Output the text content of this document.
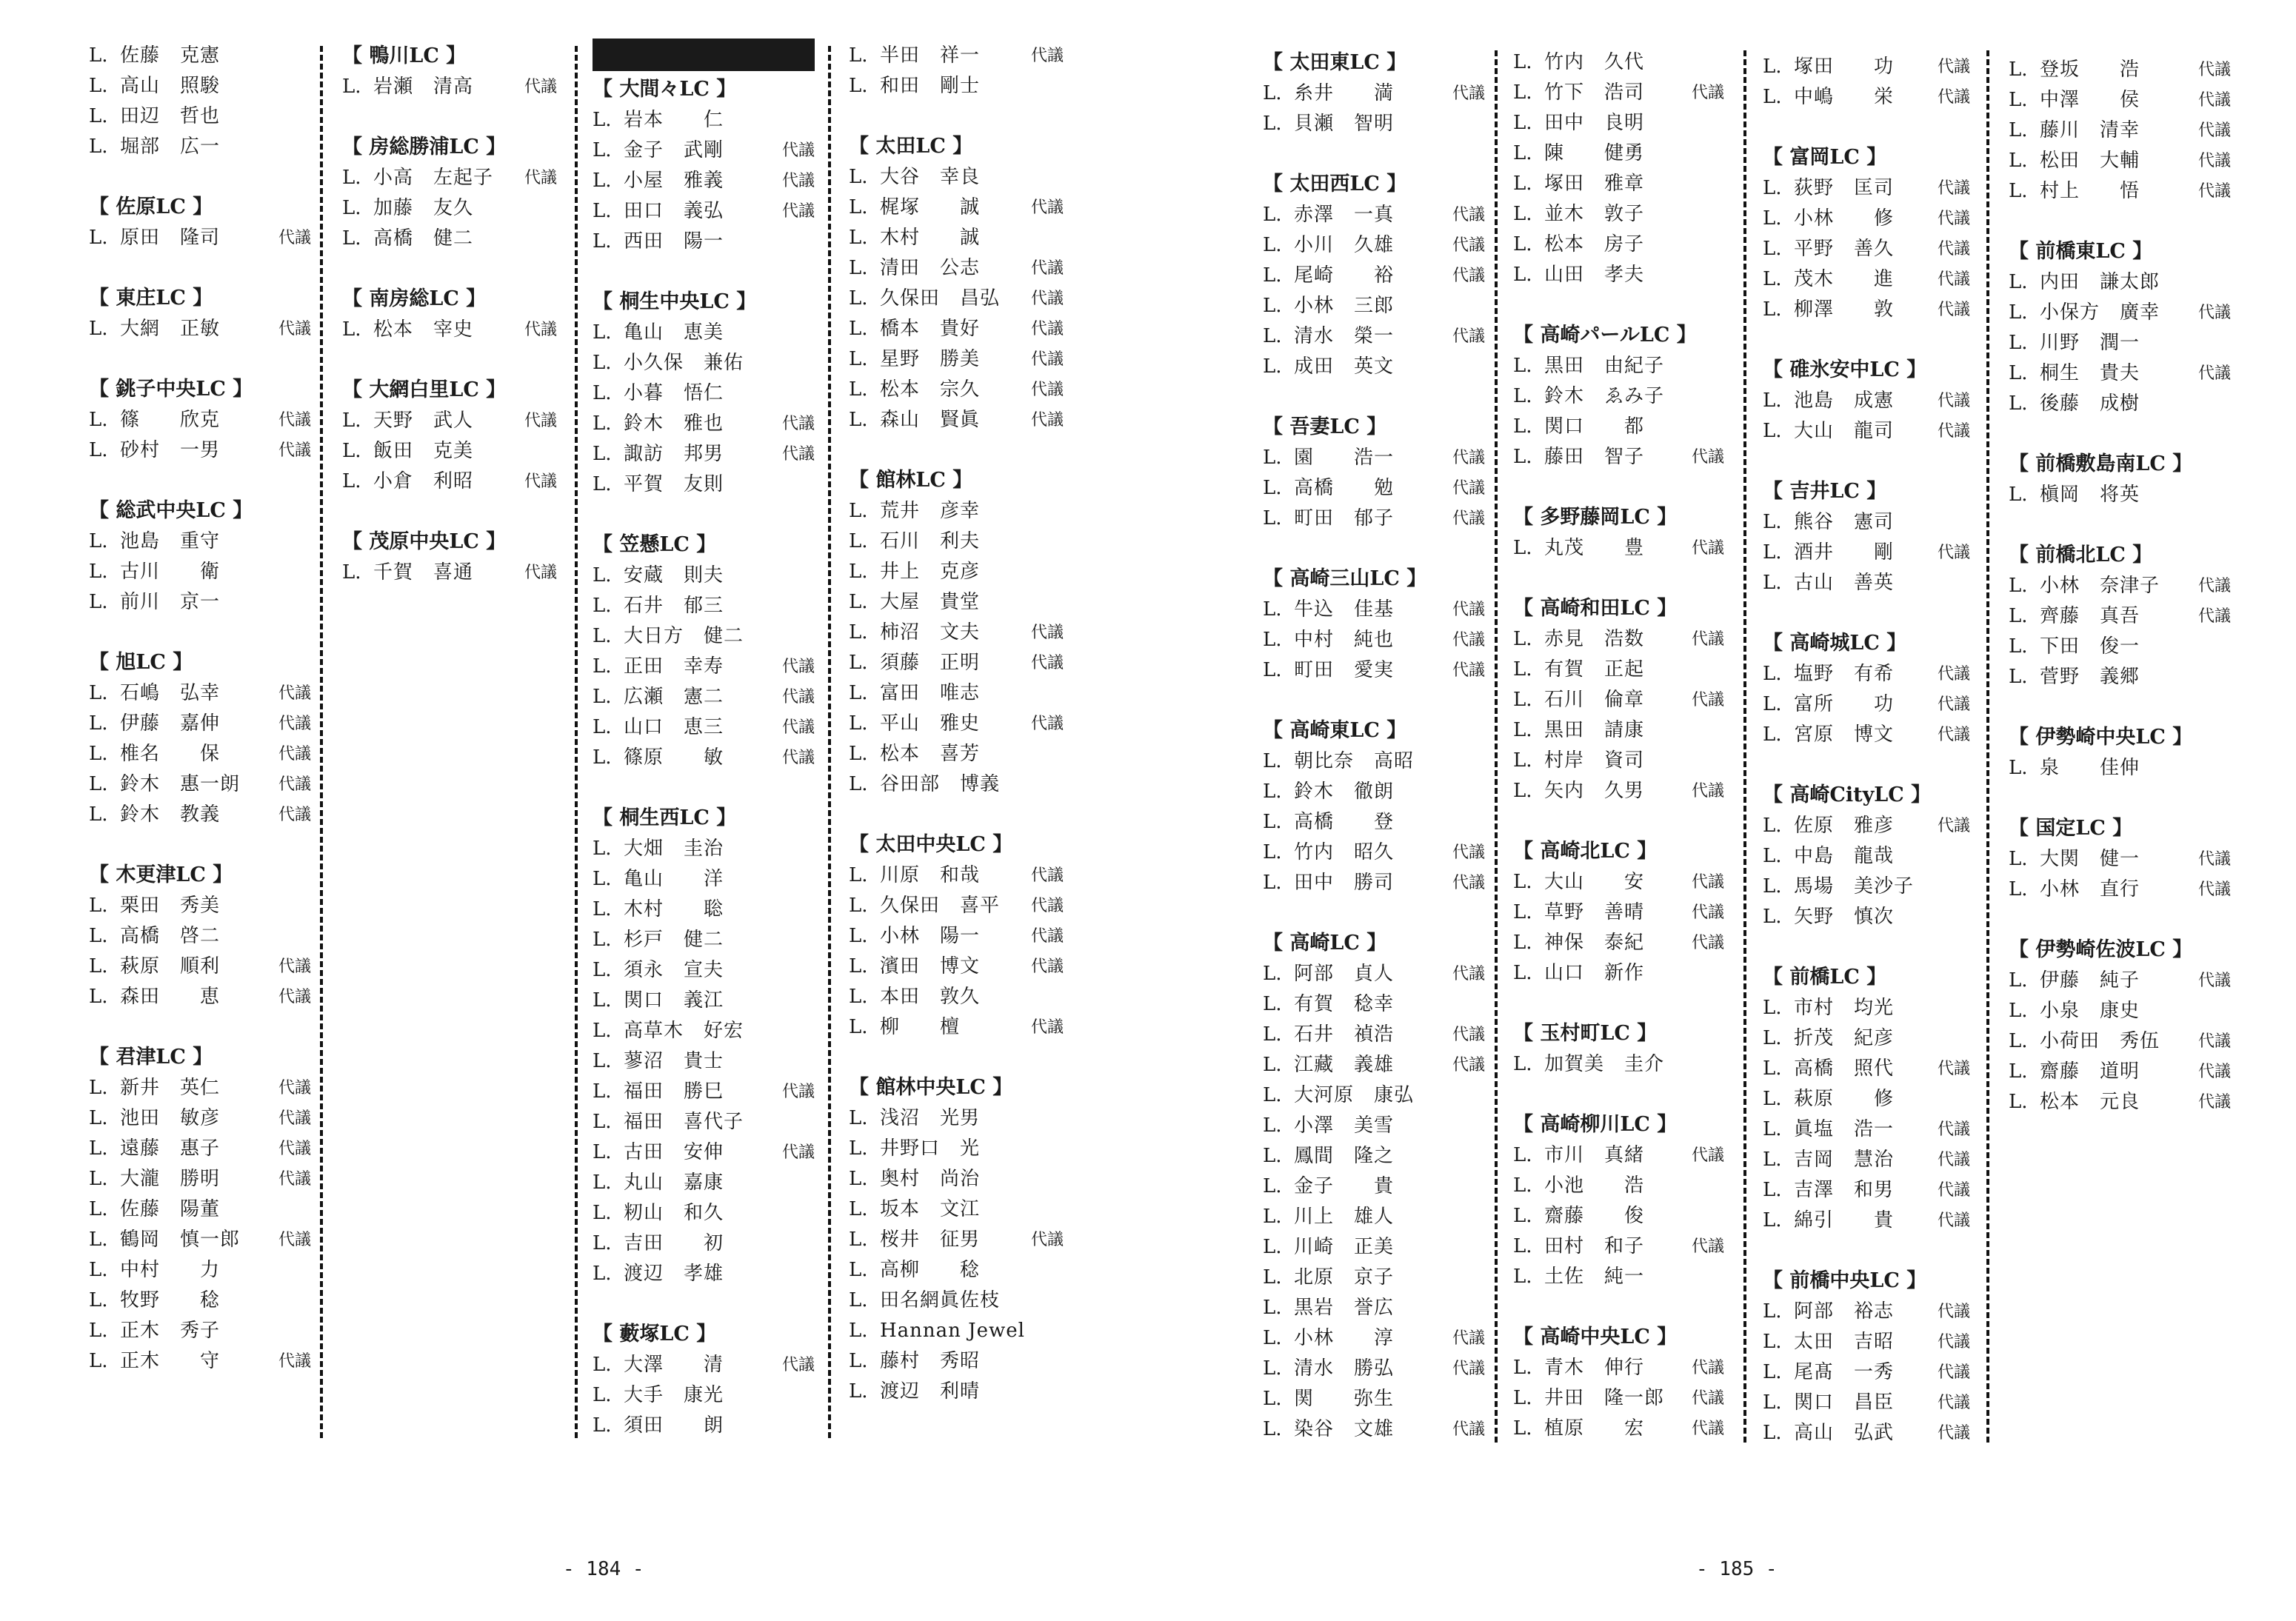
L. 佐藤　克憲
L. 高山　照駿
L. 田辺　哲也
L. 堀部　広一
【 佐原LC 】
L. 原田　隆司	代議
【 東庄LC 】
L. 大網　正敏	代議
【 銚子中央LC 】
L. 篠　　欣克	代議
L. 砂村　一男	代議
【 総武中央LC 】
L. 池島　重守
L. 古川　　衛
L. 前川　京一
【 旭LC 】
L. 石嶋　弘幸	代議
L. 伊藤　嘉伸	代議
L. 椎名　　保	代議
L. 鈴木　惠一朗 代議
L. 鈴木　教義	代議
【 木更津LC 】
L. 栗田　秀美
L. 高橋　啓二
L. 萩原　順利	代議
L. 森田　　恵	代議
【 君津LC 】
L. 新井　英仁	代議
L. 池田　敏彦	代議
L. 遠藤　惠子	代議
L. 大瀧　勝明	代議
L. 佐藤　陽董
L. 鶴岡　慎一郎 代議
L. 中村　　力
L. 牧野　　稔
L. 正木　秀子
L. 正木　　守	代議
【 鴨川LC 】
L. 岩瀬　清高	代議
【 房総勝浦LC 】
L. 小高　左起子 代議
L. 加藤　友久
L. 高橋　健二
【 南房総LC 】
L. 松本　宰史	代議
【 大網白里LC 】
L. 天野　武人	代議
L. 飯田　克美
L. 小倉　利昭	代議
【 茂原中央LC 】
L. 千賀　喜通	代議
【 大間々LC 】
L. 岩本　　仁
L. 金子　武剛	代議
L. 小屋　雅義	代議
L. 田口　義弘	代議
L. 西田　陽一
【 桐生中央LC 】
L. 亀山　恵美
L. 小久保　兼佑
L. 小暮　悟仁
L. 鈴木　雅也	代議
L. 諏訪　邦男	代議
L. 平賀　友則
【 笠懸LC 】
L. 安蔵　則夫
L. 石井　郁三
L. 大日方　健二
L. 正田　幸寿	代議
L. 広瀬　憲二	代議
L. 山口　恵三	代議
L. 篠原　　敏	代議
【 桐生西LC 】
L. 大畑　圭治
L. 亀山　　洋
L. 木村　　聡
L. 杉戸　健二
L. 須永　宣夫
L. 関口　義江
L. 高草木　好宏
L. 蓼沼　貴士
L. 福田　勝巳	代議
L. 福田　喜代子
L. 古田　安伸	代議
L. 丸山　嘉康
L. 籾山　和久
L. 吉田　　初
L. 渡辺　孝雄
【 藪塚LC 】
L. 大澤　　清	代議
L. 大手　康光
L. 須田　　朗
L. 半田　祥一	代議
L. 和田　剛士
【 太田LC 】
L. 大谷　幸良
L. 梶塚　　誠	代議
L. 木村　　誠
L. 清田　公志	代議
L. 久保田　昌弘 代議
L. 橋本　貴好	代議
L. 星野　勝美	代議
L. 松本　宗久	代議
L. 森山　賢眞	代議
【 館林LC 】
L. 荒井　彦幸
L. 石川　利夫
L. 井上　克彦
L. 大屋　貴堂
L. 柿沼　文夫	代議
L. 須藤　正明	代議
L. 富田　唯志
L. 平山　雅史	代議
L. 松本　喜芳
L. 谷田部　博義
【 太田中央LC 】
L. 川原　和哉	代議
L. 久保田　喜平 代議
L. 小林　陽一	代議
L. 濱田　博文	代議
L. 本田　敦久
L. 柳　　檀	代議
【 館林中央LC 】
L. 浅沼　光男
L. 井野口　光
L. 奥村　尚治
L. 坂本　文江
L. 桜井　征男	代議
L. 高柳　　稔
L. 田名網眞佐枝
L. Hannan Jewel
L. 藤村　秀昭
L. 渡辺　利晴
- 184 -
【 太田東LC 】
L. 糸井　　満	代議
L. 貝瀬　智明
【 太田西LC 】
L. 赤澤　一真	代議
L. 小川　久雄	代議
L. 尾崎　　裕	代議
L. 小林　三郎
L. 清水　榮一	代議
L. 成田　英文
【 吾妻LC 】
L. 園　　浩一	代議
L. 高橋　　勉	代議
L. 町田　郁子	代議
【 高崎三山LC 】
L. 牛込　佳基	代議
L. 中村　純也	代議
L. 町田　愛実	代議
【 高崎東LC 】
L. 朝比奈　高昭
L. 鈴木　徹朗
L. 高橋　　登
L. 竹内　昭久	代議
L. 田中　勝司	代議
【 高崎LC 】
L. 阿部　貞人	代議
L. 有賀　稔幸
L. 石井　禎浩	代議
L. 江藏　義雄	代議
L. 大河原　康弘
L. 小澤　美雪
L. 鳳間　隆之
L. 金子　　貴
L. 川上　雄人
L. 川崎　正美
L. 北原　京子
L. 黒岩　誉広
L. 小林　　淳	代議
L. 清水　勝弘	代議
L. 関　　弥生
L. 染谷　文雄	代議
L. 竹内　久代
L. 竹下　浩司	代議
L. 田中　良明
L. 陳　　健勇
L. 塚田　雅章
L. 並木　敦子
L. 松本　房子
L. 山田　孝夫
【 高崎パールLC 】
L. 黒田　由紀子
L. 鈴木　ゑみ子
L. 関口　　都
L. 藤田　智子	代議
【 多野藤岡LC 】
L. 丸茂　　豊	代議
【 高崎和田LC 】
L. 赤見　浩数	代議
L. 有賀　正起
L. 石川　倫章	代議
L. 黒田　請康
L. 村岸　資司
L. 矢内　久男	代議
【 高崎北LC 】
L. 大山　　安	代議
L. 草野　善晴	代議
L. 神保　泰紀	代議
L. 山口　新作
【 玉村町LC 】
L. 加賀美　圭介
【 高崎柳川LC 】
L. 市川　真緒	代議
L. 小池　　浩
L. 齋藤　　俊
L. 田村　和子	代議
L. 土佐　純一
【 高崎中央LC 】
L. 青木　伸行	代議
L. 井田　隆一郎 代議
L. 植原　　宏	代議
L. 塚田　　功	代議
L. 中嶋　　栄	代議
【 富岡LC 】
L. 荻野　匡司	代議
L. 小林　　修	代議
L. 平野　善久	代議
L. 茂木　　進	代議
L. 柳澤　　敦	代議
【 碓氷安中LC 】
L. 池島　成憲	代議
L. 大山　龍司	代議
【 吉井LC 】
L. 熊谷　憲司
L. 酒井　　剛	代議
L. 古山　善英
【 高崎城LC 】
L. 塩野　有希	代議
L. 富所　　功	代議
L. 宮原　博文	代議
【 高崎CityLC 】
L. 佐原　雅彦	代議
L. 中島　龍哉
L. 馬場　美沙子
L. 矢野　慎次
【 前橋LC 】
L. 市村　均光
L. 折茂　紀彦
L. 高橋　照代	代議
L. 萩原　　修
L. 眞塩　浩一	代議
L. 吉岡　慧治	代議
L. 吉澤　和男	代議
L. 綿引　　貴	代議
【 前橋中央LC 】
L. 阿部　裕志	代議
L. 太田　吉昭	代議
L. 尾髙　一秀	代議
L. 関口　昌臣	代議
L. 高山　弘武	代議
L. 登坂　　浩	代議
L. 中澤　　侯	代議
L. 藤川　清幸	代議
L. 松田　大輔	代議
L. 村上　　悟	代議
【 前橋東LC 】
L. 内田　謙太郎
L. 小保方　廣幸 代議
L. 川野　潤一
L. 桐生　貴夫	代議
L. 後藤　成樹
【 前橋敷島南LC 】
L. 槇岡　将英
【 前橋北LC 】
L. 小林　奈津子 代議
L. 齊藤　真吾	代議
L. 下田　俊一
L. 菅野　義郷
【 伊勢崎中央LC 】
L. 泉　　佳伸
【 国定LC 】
L. 大関　健一	代議
L. 小林　直行	代議
【 伊勢崎佐波LC 】
L. 伊藤　純子	代議
L. 小泉　康史
L. 小荷田　秀伍 代議
L. 齋藤　道明	代議
L. 松本　元良	代議
- 185 -
